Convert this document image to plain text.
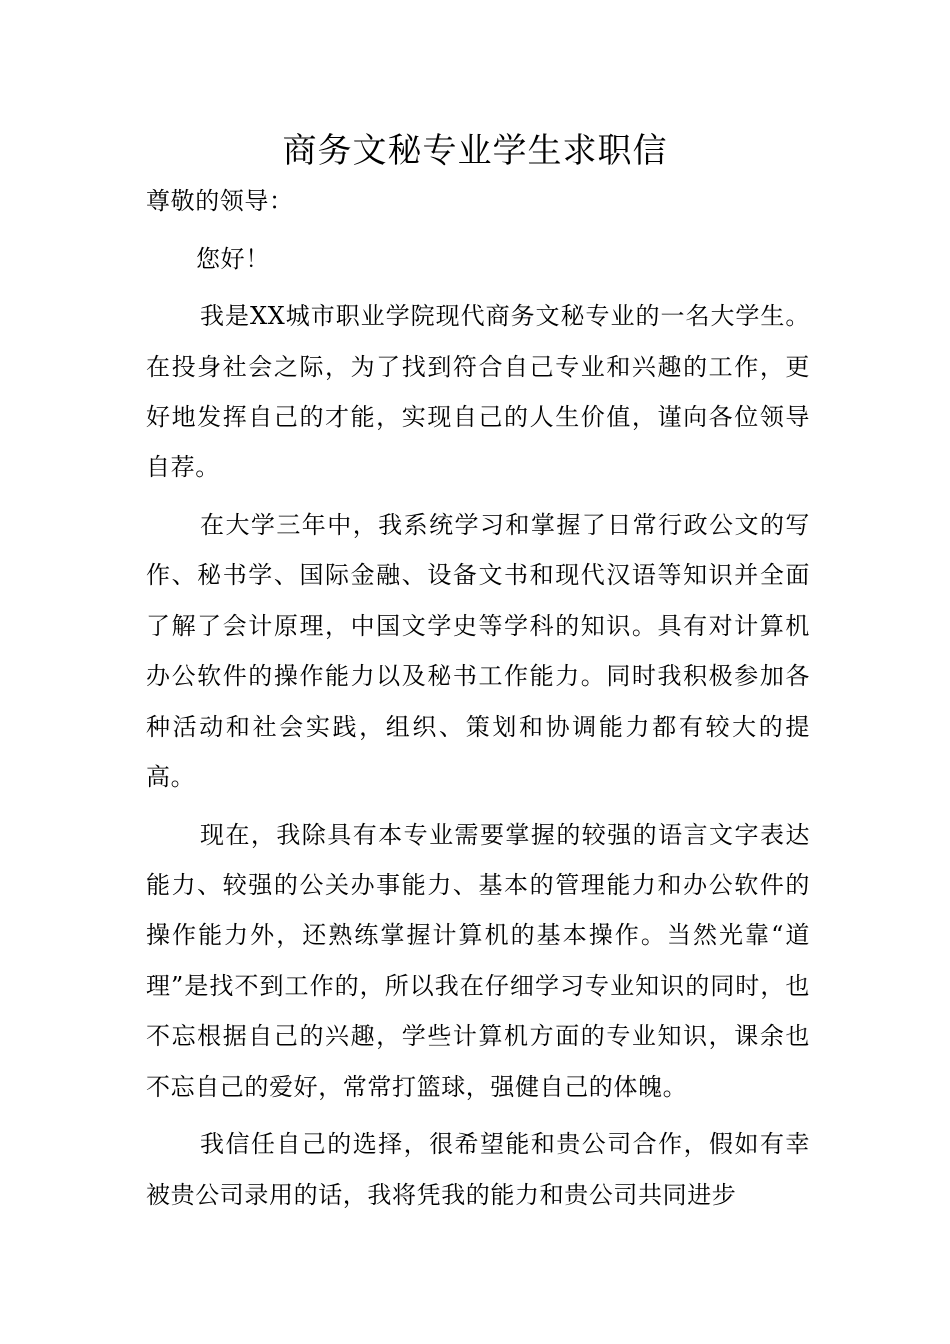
商务文秘专业学生求职信

尊敬的领导：

您好！

我是XX城市职业学院现代商务文秘专业的一名大学生。在投身社会之际，为了找到符合自己专业和兴趣的工作，更好地发挥自己的才能，实现自己的人生价值，谨向各位领导自荐。

在大学三年中，我系统学习和掌握了日常行政公文的写作、秘书学、国际金融、设备文书和现代汉语等知识并全面了解了会计原理，中国文学史等学科的知识。具有对计算机办公软件的操作能力以及秘书工作能力。同时我积极参加各种活动和社会实践，组织、策划和协调能力都有较大的提高。

现在，我除具有本专业需要掌握的较强的语言文字表达能力、较强的公关办事能力、基本的管理能力和办公软件的操作能力外，还熟练掌握计算机的基本操作。当然光靠“道理”是找不到工作的，所以我在仔细学习专业知识的同时，也不忘根据自己的兴趣，学些计算机方面的专业知识，课余也不忘自己的爱好，常常打篮球，强健自己的体魄。

我信任自己的选择，很希望能和贵公司合作，假如有幸被贵公司录用的话，我将凭我的能力和贵公司共同进步
